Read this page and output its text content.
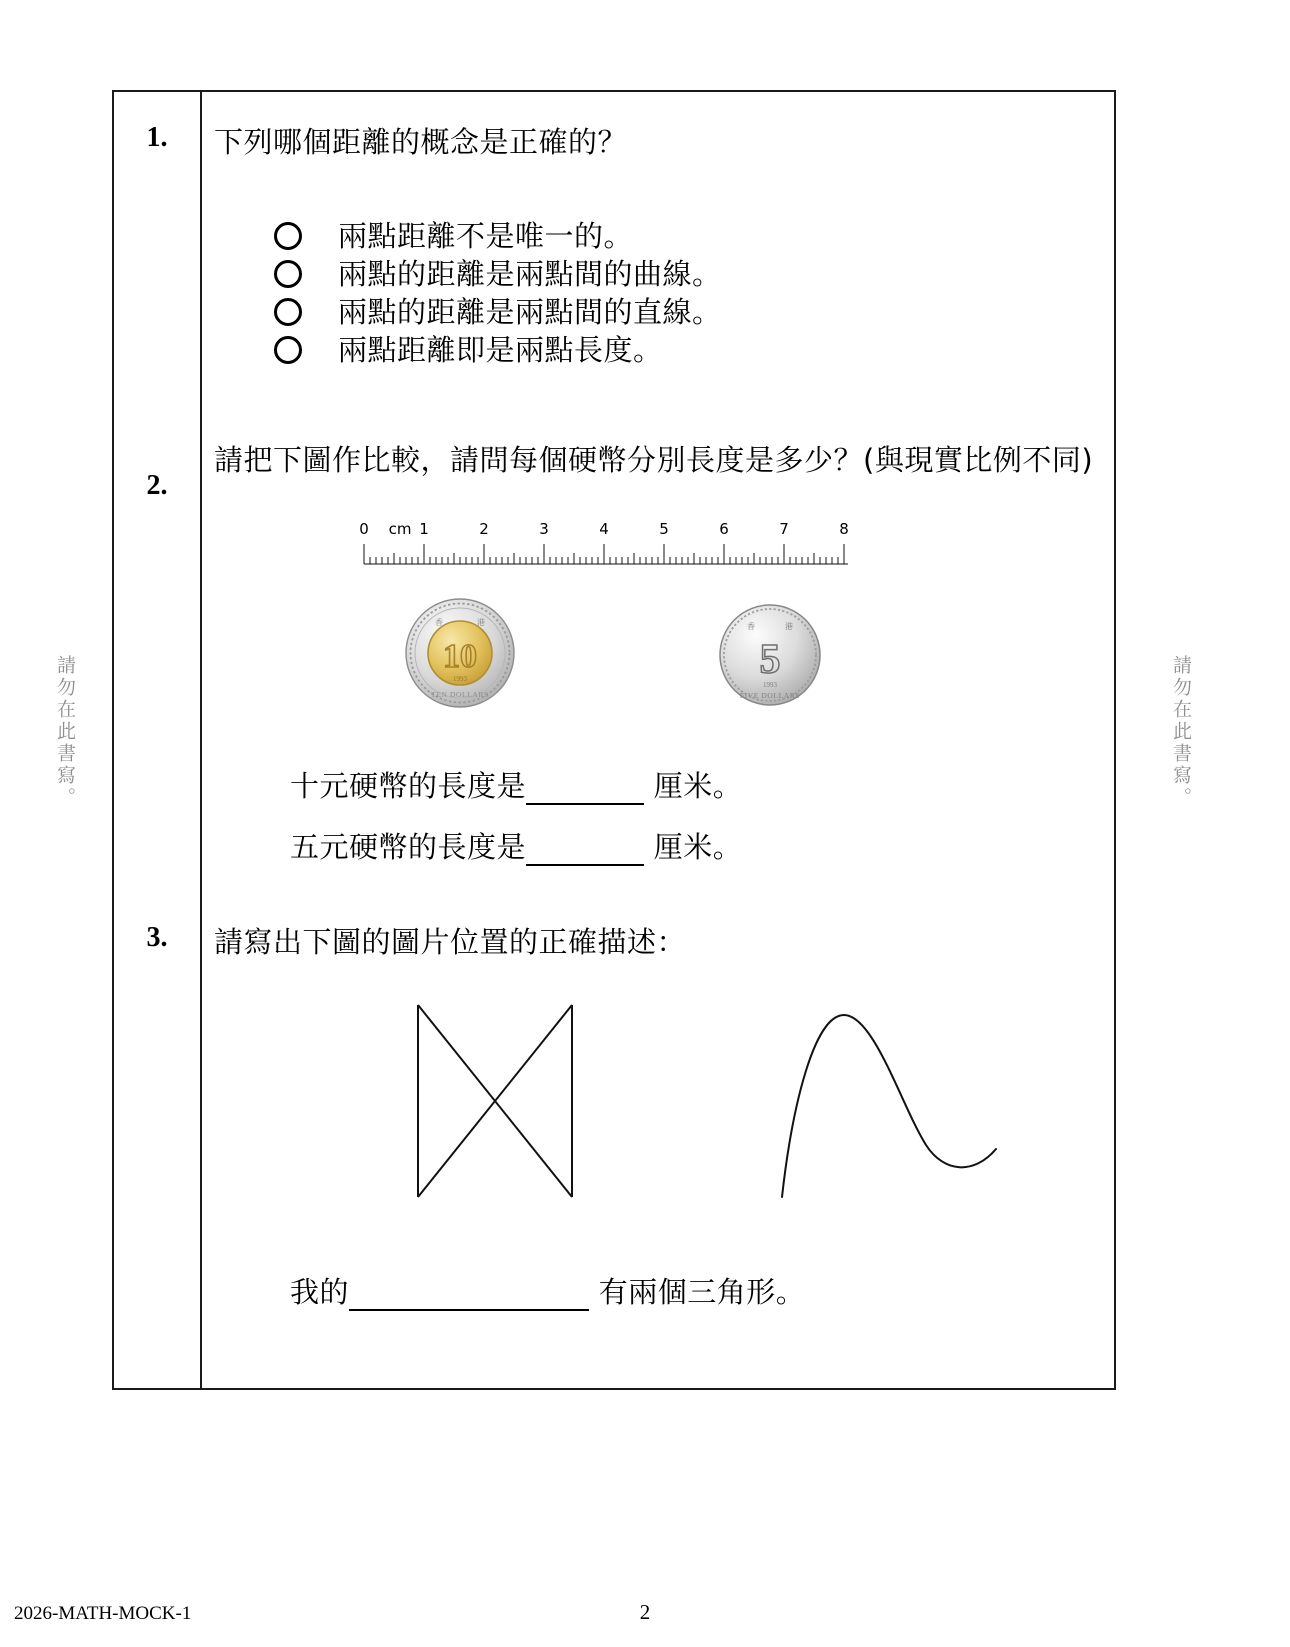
請勿在此書寫。	請勿在此書寫。
1.	下列哪個距離的概念是正確的？
兩點距離不是唯一的。
兩點的距離是兩點間的曲線。
兩點的距離是兩點間的直線。
兩點距離即是兩點長度。
2.
請把下圖作比較，請問每個硬幣分別長度是多少？(與現實比例不同)
0 cm 1	2	3	4	5	6	7	8
10
1993
香	港
TEN DOLLARS
5
1993
香	港
FIVE DOLLARS
十元硬幣的長度是	厘米。
五元硬幣的長度是	厘米。
3.	請寫出下圖的圖片位置的正確描述：
我的	有兩個三角形。
2026-MATH-MOCK-1	2
